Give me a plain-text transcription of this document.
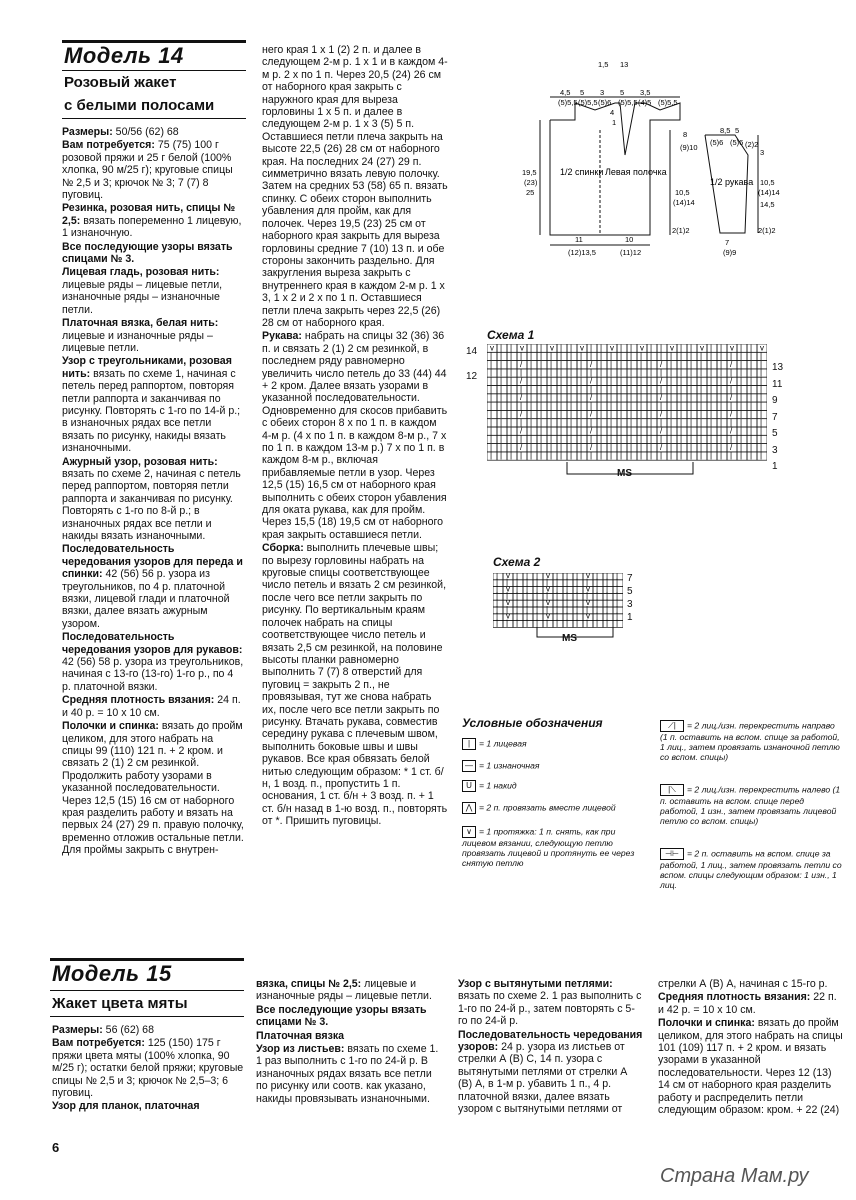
Модель 14
Розовый жакет
с белыми полосами

Размеры: 50/56 (62) 68

Вам потребуется: 75 (75) 100 г розовой пряжи и 25 г белой (100% хлопка, 90 м/25 г); круговые спицы № 2,5 и 3; крючок № 3; 7 (7) 8 пуговиц.

Резинка, розовая нить, спицы № 2,5: вязать попеременно 1 лицевую, 1 изнаночную.

Все последующие узоры вязать спицами № 3.

Лицевая гладь, розовая нить: лицевые ряды – лицевые петли, изнаночные ряды – изнаночные петли.

Платочная вязка, белая нить: лицевые и изнаночные ряды – лицевые петли.

Узор с треугольниками, розовая нить: вязать по схеме 1, начиная с петель перед раппортом, повторяя петли раппорта и заканчивая по рисунку. Повторять с 1-го по 14-й р.; в изнаночных рядах все петли вязать по рисунку, накиды вязать изнаночными.

Ажурный узор, розовая нить: вязать по схеме 2, начиная с петель перед раппортом, повторяя петли раппорта и заканчивая по рисунку. Повторять с 1-го по 8-й р.; в изнаночных рядах все петли и накиды вязать изнаночными.

Последовательность чередования узоров для переда и спинки: 42 (56) 56 р. узора из треугольников, по 4 р. платочной вязки, лицевой глади и платочной вязки, далее вязать ажурным узором.

Последовательность чередования узоров для рукавов: 42 (56) 58 р. узора из треугольников, начиная с 13-го (13-го) 1-го р., по 4 р. платочной вязки.

Средняя плотность вязания: 24 п. и 40 р. = 10 х 10 см.

Полочки и спинка: вязать до пройм целиком, для этого набрать на спицы 99 (110) 121 п. + 2 кром. и связать 2 (1) 2 см резинкой. Продолжить работу узорами в указанной последовательности. Через 12,5 (15) 16 см от наборного края разделить работу и вязать на первых 24 (27) 29 п. правую полочку, временно отложив остальные петли. Для проймы закрыть с внутрен-

него края 1 х 1 (2) 2 п. и далее в следующем 2-м р. 1 х 1 и в каждом 4-м р. 2 х по 1 п. Через 20,5 (24) 26 см от наборного края закрыть с наружного края для выреза горловины 1 х 5 п. и далее в следующем 2-м р. 1 х 3 (5) 5 п. Оставшиеся петли плеча закрыть на высоте 22,5 (26) 28 см от наборного края. На последних 24 (27) 29 п. симметрично вязать левую полочку. Затем на средних 53 (58) 65 п. вязать спинку. С обеих сторон выполнить убавления для пройм, как для полочек. Через 19,5 (23) 25 см от наборного края закрыть для выреза горловины средние 7 (10) 13 п. и обе стороны закончить раздельно. Для закругления выреза закрыть с внутреннего края в каждом 2-м р. 1 х 3, 1 х 2 и 2 х по 1 п. Оставшиеся петли плеча закрыть через 22,5 (26) 28 см от наборного края.

Рукава: набрать на спицы 32 (36) 36 п. и связать 2 (1) 2 см резинкой, в последнем ряду равномерно увеличить число петель до 33 (44) 44 + 2 кром. Далее вязать узорами в указанной последовательности. Одновременно для скосов прибавить с обеих сторон 8 х по 1 п. в каждом 4-м р. (4 х по 1 п. в каждом 8-м р., 7 х по 1 п. в каждом 13-м р.) 7 х по 1 п. в каждом 8-м р., включая прибавляемые петли в узор. Через 12,5 (15) 16,5 см от наборного края выполнить с обеих сторон убавления для оката рукава, как для пройм. Через 15,5 (18) 19,5 см от наборного края закрыть оставшиеся петли.

Сборка: выполнить плечевые швы; по вырезу горловины набрать на круговые спицы соответствующее число петель и вязать 2 см резинкой, после чего все петли закрыть по рисунку. По вертикальным краям полочек набрать на спицы соответствующее число петель и вязать 2,5 см резинкой, на половине высоты планки равномерно выполнить 7 (7) 8 отверстий для пуговиц = закрыть 2 п., не провязывая, тут же снова набрать их, после чего все петли закрыть по рисунку. Втачать рукава, совместив середину рукава с плечевым швом, выполнить боковые швы и швы рукавов. Все края обвязать белой нитью следующим образом: * 1 ст. б/н, 1 возд. п., пропустить 1 п. основания, 1 ст. б/н + 3 возд. п. + 1 ст. б/н назад в 1-ю возд. п., повторять от *. Пришить пуговицы.

1/2 спинки Левая полочка
1/2 рукава
1,5 13
4,5 5 3 5 3,5
(5)5,5 (5)5,5 (5)6 (5)5,5 (4)5 (5)5,5
8
(9)10
4
1
19,5
(23)
25	10,5
(14)14
2(1)2
11
(12)13,5
10
(11)12
8,5 5
(5)6 (5)6 (2)2
3
10,5
(14)14
14,5
2(1)2
7
(9)9
Схема 1
v | | v | | v | | v | | v | | v | | v | | v | | v | | v
| | | | | | | | | | | | | | | | | | | | | | | | | | | |
| | | / | | | | | | / | | | | | | / | | | | | | / | | |
| | | | | | | | | | | | | | | | | | | | | | | | | | | |
| | | / | | | | | | / | | | | | | / | | | | | | / | | |
| | | | | | | | | | | | | | | | | | | | | | | | | | | |
| | | / | | | | | | / | | | | | | / | | | | | | / | | |
| | | | | | | | | | | | | | | | | | | | | | | | | | | |
| | | / | | | | | | / | | | | | | / | | | | | | / | | |
| | | | | | | | | | | | | | | | | | | | | | | | | | | |
| | | / | | | | | | / | | | | | | / | | | | | | / | | |
| | | | | | | | | | | | | | | | | | | | | | | | | | | |
| | | / | | | | | | / | | | | | | / | | | | | | / | | |
| | | | | | | | | | | | | | | | | | | | | | | | | | | |
14
12
13
11
9
7
5
3
1
MS
Схема 2
| v | | | v | | | v | | |
| | | | | | | | | | | | |
| v | | | v | | | v | | |
| | | | | | | | | | | | |
| v | | | v | | | v | | |
| | | | | | | | | | | | |
| v | | | v | | | v | | |
| | | | | | | | | | | | |
7
5
3
1
MS
Условные обозначения
| = 1 лицевая
— = 1 изнаночная
U = 1 накид
⋀ = 2 п. провязать вместе лицевой
∨ = 1 протяжка: 1 п. снять, как при лицевом вязании, следующую петлю провязать лицевой и протянуть ее через снятую петлю
⟋| = 2 лиц./изн. перекрестить направо (1 п. оставить на вспом. спице за работой, 1 лиц., затем провязать изнаночной петлю со вспом. спицы)
|⟍ = 2 лиц./изн. перекрестить налево (1 п. оставить на вспом. спице перед работой, 1 изн., затем провязать лицевой петлю со вспом. спицы)
⊣⊢ = 2 п. оставить на вспом. спице за работой, 1 лиц., затем провязать петли со вспом. спицы следующим образом: 1 изн., 1 лиц.
Модель 15
Жакет цвета мяты

Размеры: 56 (62) 68

Вам потребуется: 125 (150) 175 г пряжи цвета мяты (100% хлопка, 90 м/25 г); остатки белой пряжи; круговые спицы № 2,5 и 3; крючок № 2,5–3; 6 пуговиц.

Узор для планок, платочная

вязка, спицы № 2,5: лицевые и изнаночные ряды – лицевые петли.

Все последующие узоры вязать спицами № 3.

Платочная вязка

Узор из листьев: вязать по схеме 1. 1 раз выполнить с 1-го по 24-й р. В изнаночных рядах вязать все петли по рисунку или соотв. как указано, накиды провязывать изнаночными.

Узор с вытянутыми петлями: вязать по схеме 2. 1 раз выполнить с 1-го по 24-й р., затем повторять с 5-го по 24-й р.

Последовательность чередования узоров: 24 р. узора из листьев от стрелки А (В) С, 14 п. узора с вытянутыми петлями от стрелки А (В) А, в 1-м р. убавить 1 п., 4 р. платочной вязки, далее вязать узором с вытянутыми петлями от

стрелки А (В) А, начиная с 15-го р.

Средняя плотность вязания: 22 п. и 42 р. = 10 х 10 см.

Полочки и спинка: вязать до пройм целиком, для этого набрать на спицы 101 (109) 117 п. + 2 кром. и вязать узорами в указанной последовательности. Через 12 (13) 14 см от наборного края разделить работу и распределить петли следующим образом: кром. + 22 (24)

6
Страна Мам.ру
